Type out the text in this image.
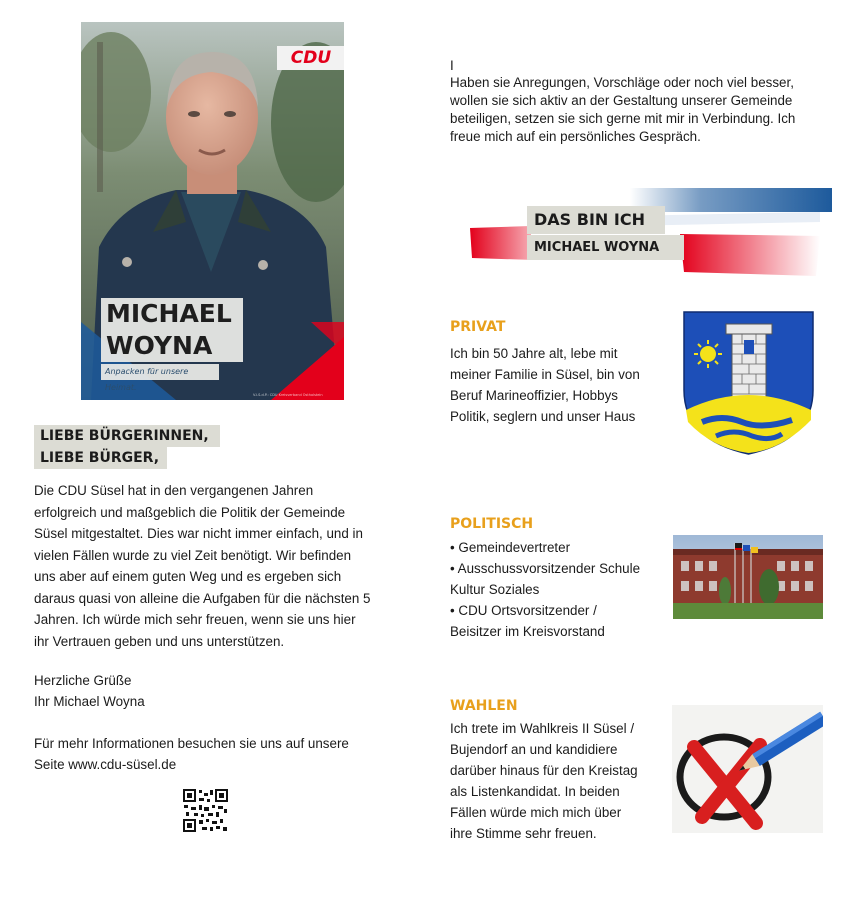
CDU
MICHAEL
WOYNA
Anpacken für unsere Heimat.
V.i.S.d.P.: CDU Kreisverband Ostholstein
LIEBE BÜRGERINNEN,
LIEBE BÜRGER,

Die CDU Süsel hat in den vergangenen Jahren

erfolgreich und maßgeblich die Politik der Gemeinde

Süsel mitgestaltet. Dies war nicht immer einfach, und in

vielen Fällen wurde zu viel Zeit benötigt. Wir befinden

uns aber auf einem guten Weg und es ergeben sich

daraus quasi von alleine die Aufgaben für die nächsten 5

Jahren. Ich würde mich sehr freuen, wenn sie uns hier

ihr Vertrauen geben und uns unterstützen.

Herzliche Grüße
Ihr Michael Woyna
Für mehr Informationen besuchen sie uns auf unsere
Seite www.cdu-süsel.de
I
Haben sie Anregungen, Vorschläge oder noch viel besser,
wollen sie sich aktiv an der Gestaltung unserer Gemeinde
beteiligen, setzen sie sich gerne mit mir in Verbindung. Ich
freue mich auf ein persönliches Gespräch.
DAS BIN ICH
MICHAEL WOYNA
PRIVAT

Ich bin 50 Jahre alt, lebe mit

meiner Familie in Süsel, bin von

Beruf Marineoffizier, Hobbys

Politik, seglern und unser Haus

POLITISCH

• Gemeindevertreter

• Ausschussvorsitzender Schule

Kultur Soziales

• CDU Ortsvorsitzender /

Beisitzer im Kreisvorstand

WAHLEN

Ich trete im Wahlkreis II Süsel /

Bujendorf an und kandidiere

darüber hinaus für den Kreistag

als Listenkandidat. In beiden

Fällen würde mich mich über

ihre Stimme sehr freuen.
